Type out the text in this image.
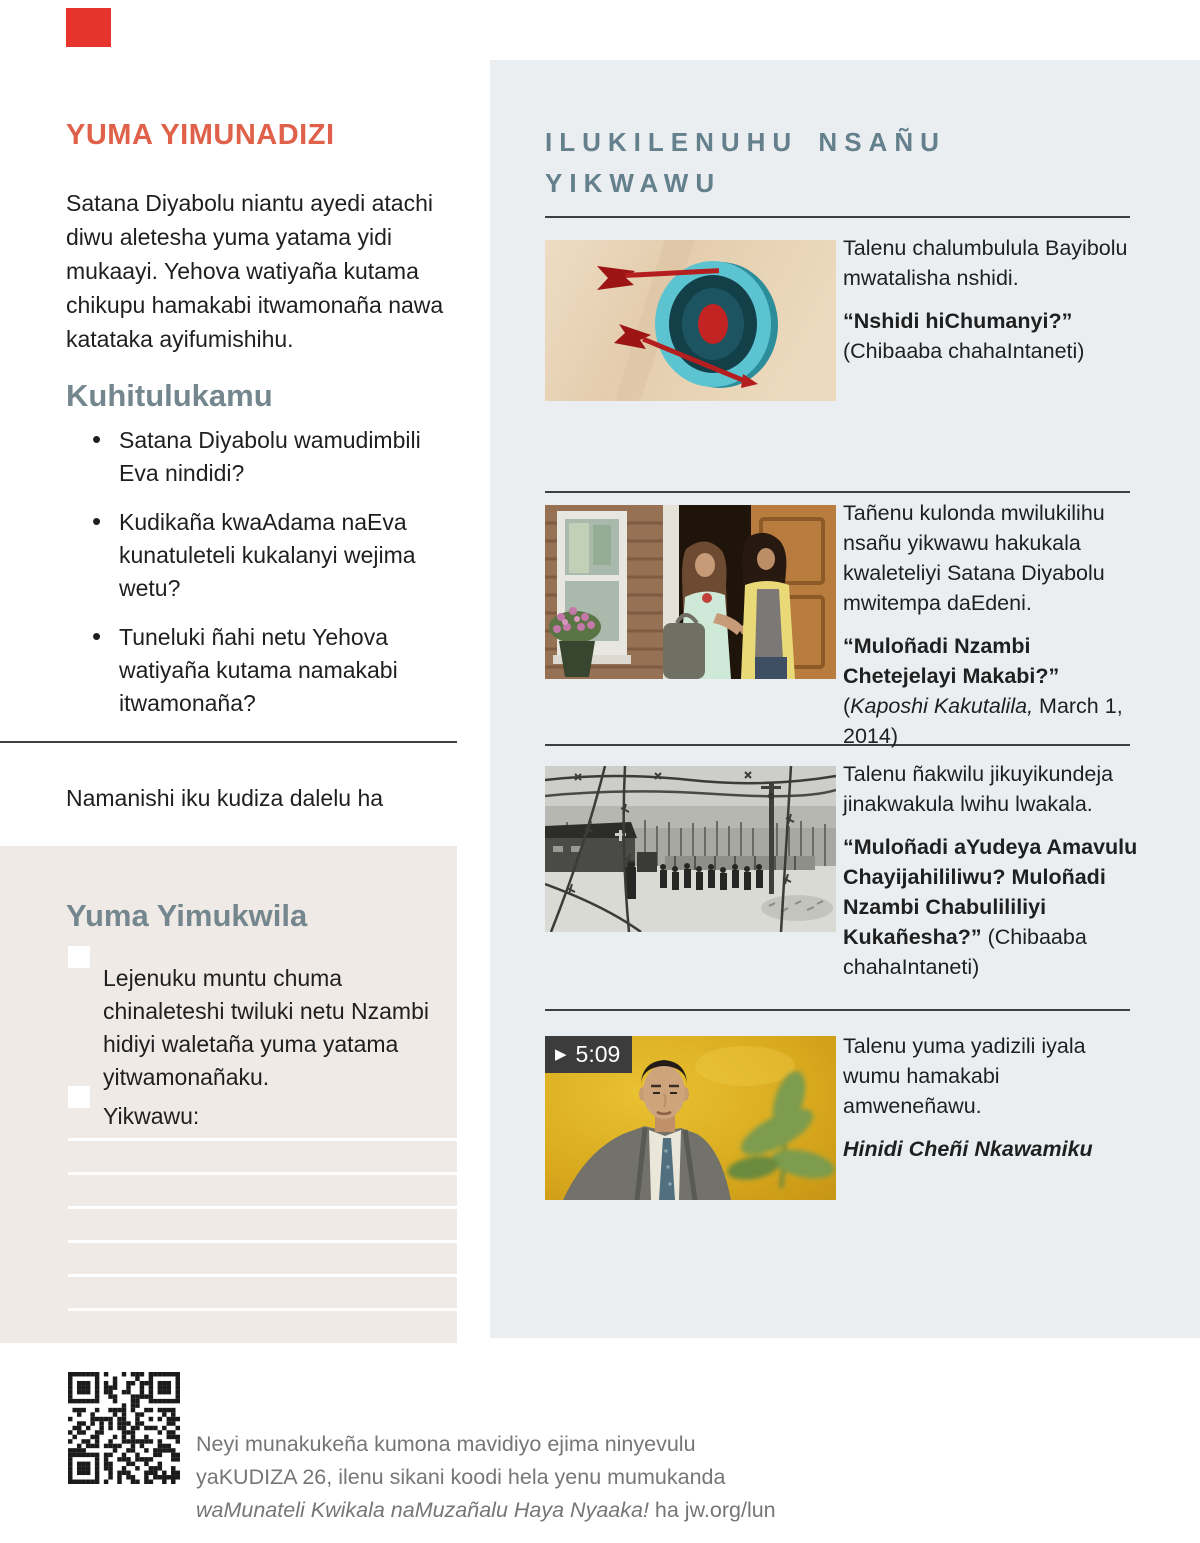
YUMA YIMUNADIZI

Satana Diyabolu niantu ayedi atachi diwu aletesha yuma yatama yidi mukaayi. Yehova watiyaña kutama chikupu hamakabi itwamonaña nawa katataka ayifumishihu.

Kuhitulukamu
• Satana Diyabolu wamudimbili Eva nindidi?
• Kudikaña kwaAdama naEva kunatuleteli kukalanyi wejima wetu?
• Tuneluki ñahi netu Yehova watiyaña kutama namakabi itwamonaña?

Namanishi iku kudiza dalelu ha

Yuma Yimukwila

Lejenuku muntu chuma chinaleteshi twiluki netu Nzambi hidiyi waletaña yuma yatama yitwamonañaku.

Yikwawu:

ILUKILENUHU NSAÑU YIKWAWU

Talenu chalumbulula Bayibolu mwatalisha nshidi.

“Nshidi hiChumanyi?” (Chibaaba chahaIntaneti)

Tañenu kulonda mwilukilihu nsañu yikwawu hakukala kwaleteliyi Satana Diyabolu mwitempa daEdeni.

“Muloñadi Nzambi Chetejelayi Makabi?” (Kaposhi Kakutalila, March 1, 2014)

Talenu ñakwilu jikuyikundeja jinakwakula lwihu lwakala.

“Muloñadi aYudeya Amavulu Chayijahililiwu? Muloñadi Nzambi Chabulililiyi Kukañesha?” (Chibaaba chahaIntaneti)

▶ 5:09	Talenu yuma yadizili iyala wumu hamakabi amweneñawu.

Hinidi Cheñi Nkawamiku

Neyi munakukeña kumona mavidiyo ejima ninyevulu
yaKUDIZA 26, ilenu sikani koodi hela yenu mumukanda
waMunateli Kwikala naMuzañalu Haya Nyaaka! ha jw.org/lun
